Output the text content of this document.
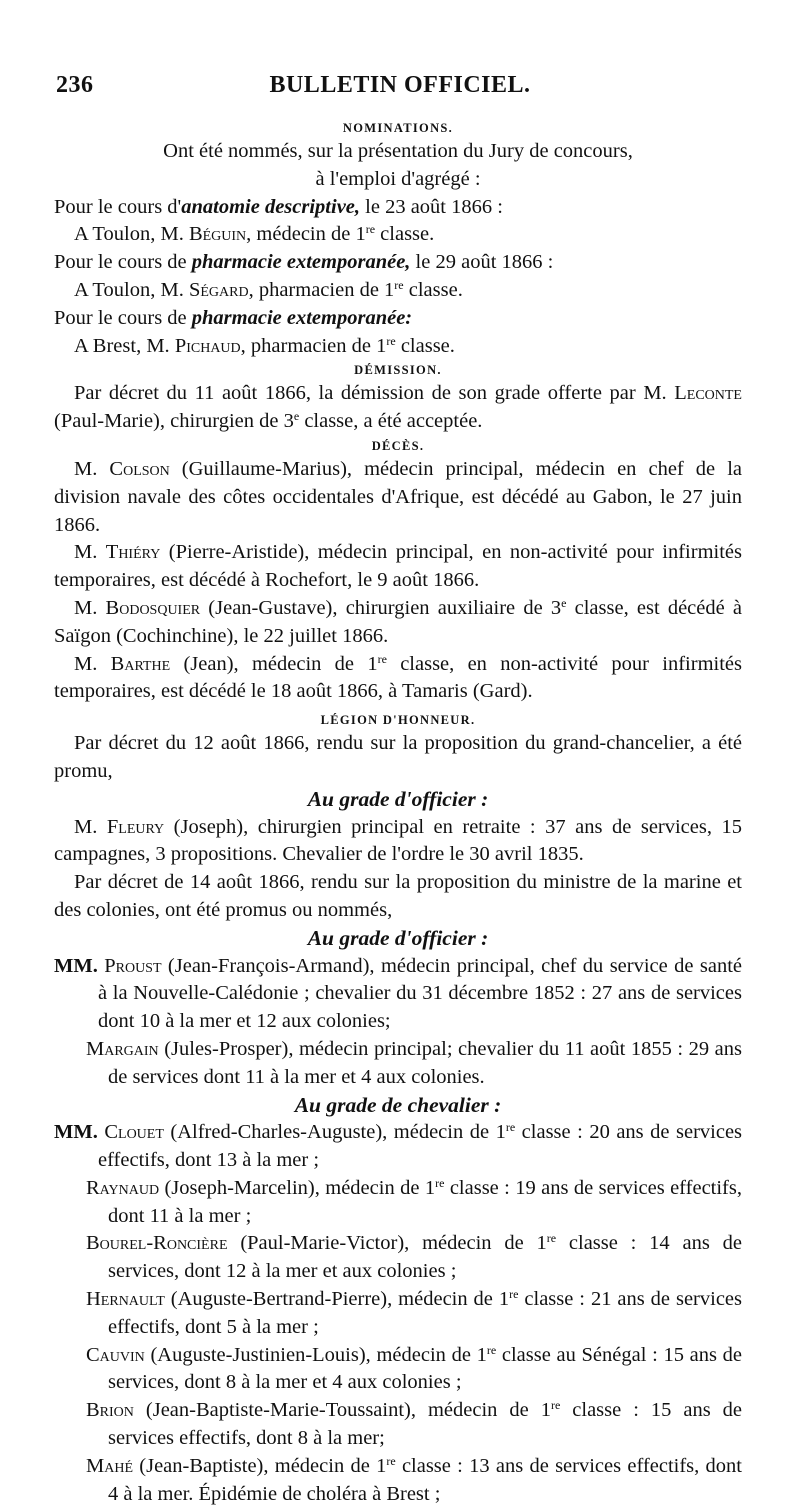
236	BULLETIN OFFICIEL.
NOMINATIONS.

Ont été nommés, sur la présentation du Jury de concours,

à l'emploi d'agrégé :

Pour le cours d'anatomie descriptive, le 23 août 1866 :

A Toulon, M. Béguin, médecin de 1re classe.

Pour le cours de pharmacie extemporanée, le 29 août 1866 :

A Toulon, M. Ségard, pharmacien de 1re classe.

Pour le cours de pharmacie extemporanée:

A Brest, M. Pichaud, pharmacien de 1re classe.

DÉMISSION.

Par décret du 11 août 1866, la démission de son grade offerte par M. Leconte (Paul-Marie), chirurgien de 3e classe, a été acceptée.

DÉCÈS.

M. Colson (Guillaume-Marius), médecin principal, médecin en chef de la division navale des côtes occidentales d'Afrique, est décédé au Gabon, le 27 juin 1866.

M. Thiéry (Pierre-Aristide), médecin principal, en non-activité pour infirmités temporaires, est décédé à Rochefort, le 9 août 1866.

M. Bodosquier (Jean-Gustave), chirurgien auxiliaire de 3e classe, est décédé à Saïgon (Cochinchine), le 22 juillet 1866.

M. Barthe (Jean), médecin de 1re classe, en non-activité pour infirmités temporaires, est décédé le 18 août 1866, à Tamaris (Gard).

LÉGION D'HONNEUR.

Par décret du 12 août 1866, rendu sur la proposition du grand-chancelier, a été promu,

Au grade d'officier :

M. Fleury (Joseph), chirurgien principal en retraite : 37 ans de services, 15 campagnes, 3 propositions. Chevalier de l'ordre le 30 avril 1835.

Par décret de 14 août 1866, rendu sur la proposition du ministre de la marine et des colonies, ont été promus ou nommés,

Au grade d'officier :

MM. Proust (Jean-François-Armand), médecin principal, chef du service de santé à la Nouvelle-Calédonie ; chevalier du 31 décembre 1852 : 27 ans de services dont 10 à la mer et 12 aux colonies;

Margain (Jules-Prosper), médecin principal; chevalier du 11 août 1855 : 29 ans de services dont 11 à la mer et 4 aux colonies.

Au grade de chevalier :

MM. Clouet (Alfred-Charles-Auguste), médecin de 1re classe : 20 ans de services effectifs, dont 13 à la mer ;

Raynaud (Joseph-Marcelin), médecin de 1re classe : 19 ans de services effectifs, dont 11 à la mer ;

Bourel-Roncière (Paul-Marie-Victor), médecin de 1re classe : 14 ans de services, dont 12 à la mer et aux colonies ;

Hernault (Auguste-Bertrand-Pierre), médecin de 1re classe : 21 ans de services effectifs, dont 5 à la mer ;

Cauvin (Auguste-Justinien-Louis), médecin de 1re classe au Sénégal : 15 ans de services, dont 8 à la mer et 4 aux colonies ;

Brion (Jean-Baptiste-Marie-Toussaint), médecin de 1re classe : 15 ans de services effectifs, dont 8 à la mer;

Mahé (Jean-Baptiste), médecin de 1re classe : 13 ans de services effectifs, dont 4 à la mer. Épidémie de choléra à Brest ;
